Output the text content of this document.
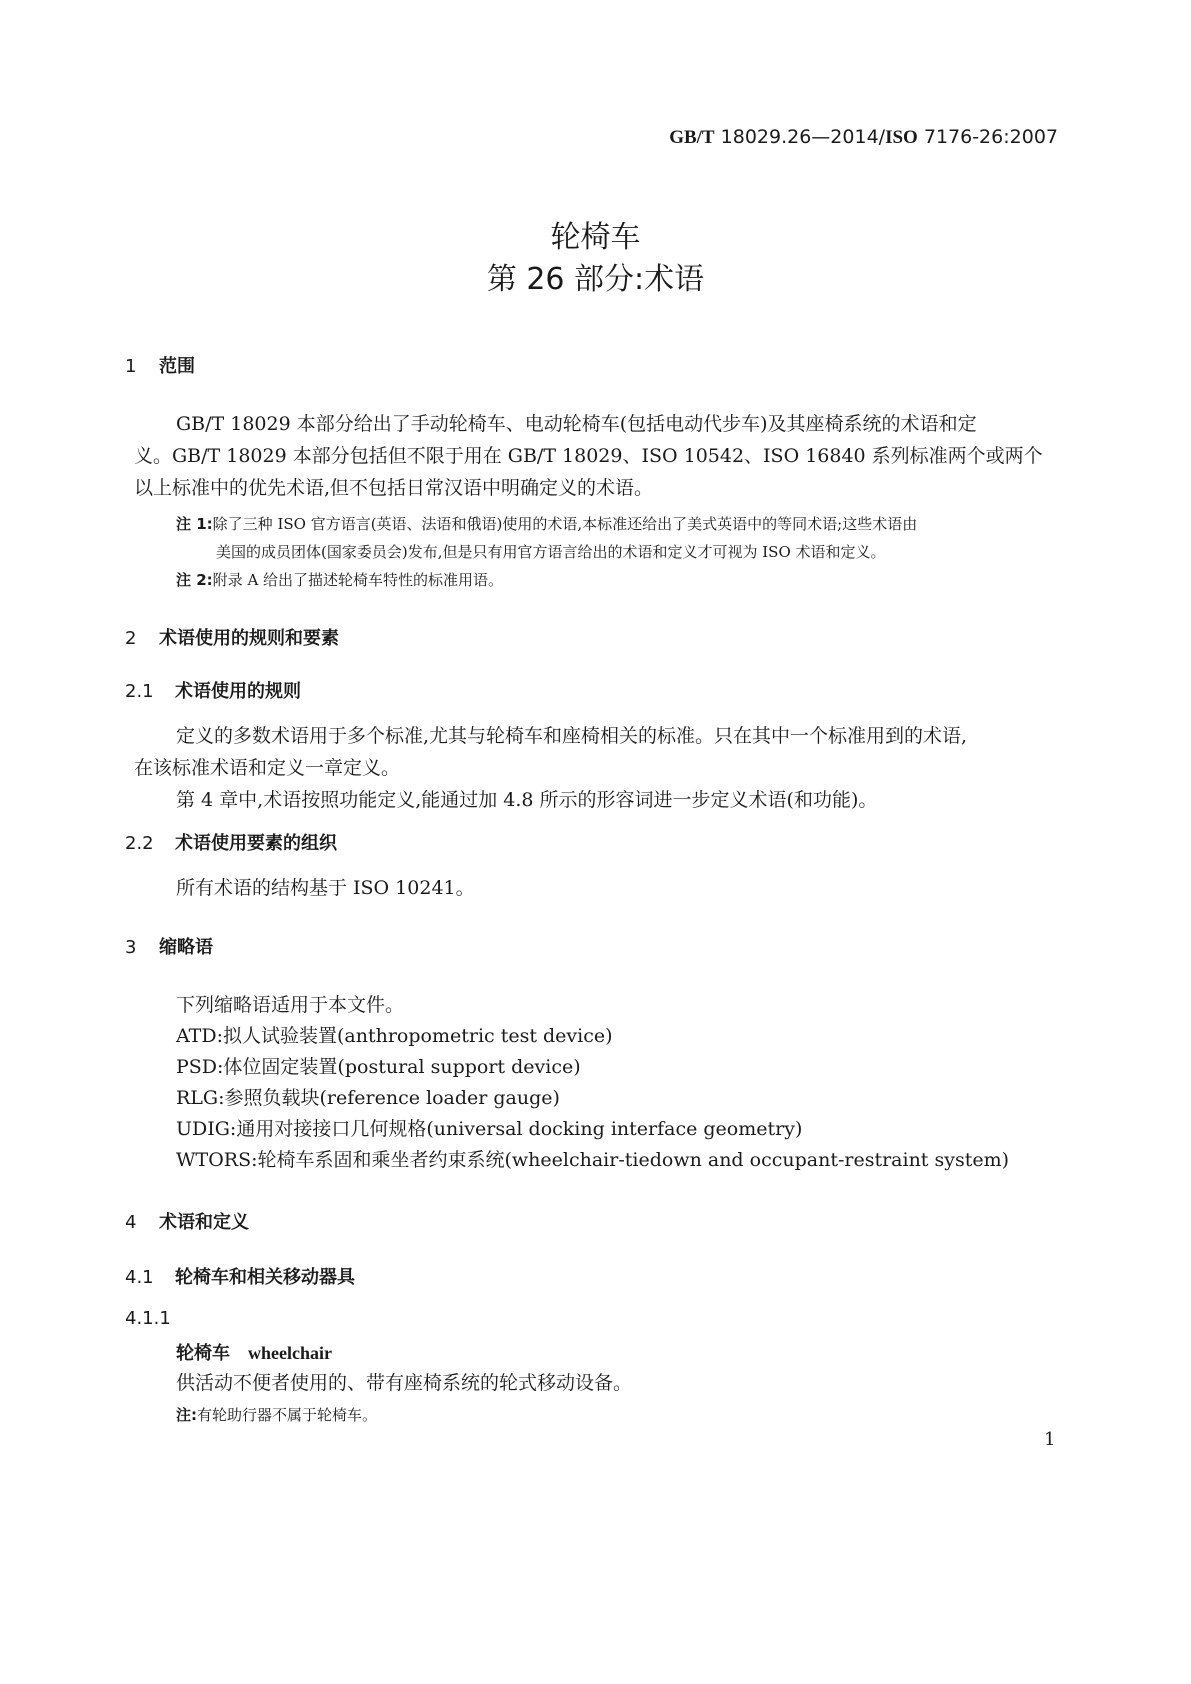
GB/T 18029.26—2014/ISO 7176-26:2007
轮椅车
第 26 部分:术语
1 范围
GB/T 18029 本部分给出了手动轮椅车、电动轮椅车(包括电动代步车)及其座椅系统的术语和定
义。GB/T 18029 本部分包括但不限于用在 GB/T 18029、ISO 10542、ISO 16840 系列标准两个或两个
以上标准中的优先术语,但不包括日常汉语中明确定义的术语。
注 1:除了三种 ISO 官方语言(英语、法语和俄语)使用的术语,本标准还给出了美式英语中的等同术语;这些术语由
美国的成员团体(国家委员会)发布,但是只有用官方语言给出的术语和定义才可视为 ISO 术语和定义。
注 2:附录 A 给出了描述轮椅车特性的标准用语。
2 术语使用的规则和要素
2.1 术语使用的规则
定义的多数术语用于多个标准,尤其与轮椅车和座椅相关的标准。只在其中一个标准用到的术语,
在该标准术语和定义一章定义。
第 4 章中,术语按照功能定义,能通过加 4.8 所示的形容词进一步定义术语(和功能)。
2.2 术语使用要素的组织
所有术语的结构基于 ISO 10241。
3 缩略语
下列缩略语适用于本文件。
ATD:拟人试验装置(anthropometric test device)
PSD:体位固定装置(postural support device)
RLG:参照负载块(reference loader gauge)
UDIG:通用对接接口几何规格(universal docking interface geometry)
WTORS:轮椅车系固和乘坐者约束系统(wheelchair-tiedown and occupant-restraint system)
4 术语和定义
4.1 轮椅车和相关移动器具
4.1.1
轮椅车 wheelchair
供活动不便者使用的、带有座椅系统的轮式移动设备。
注:有轮助行器不属于轮椅车。
1
